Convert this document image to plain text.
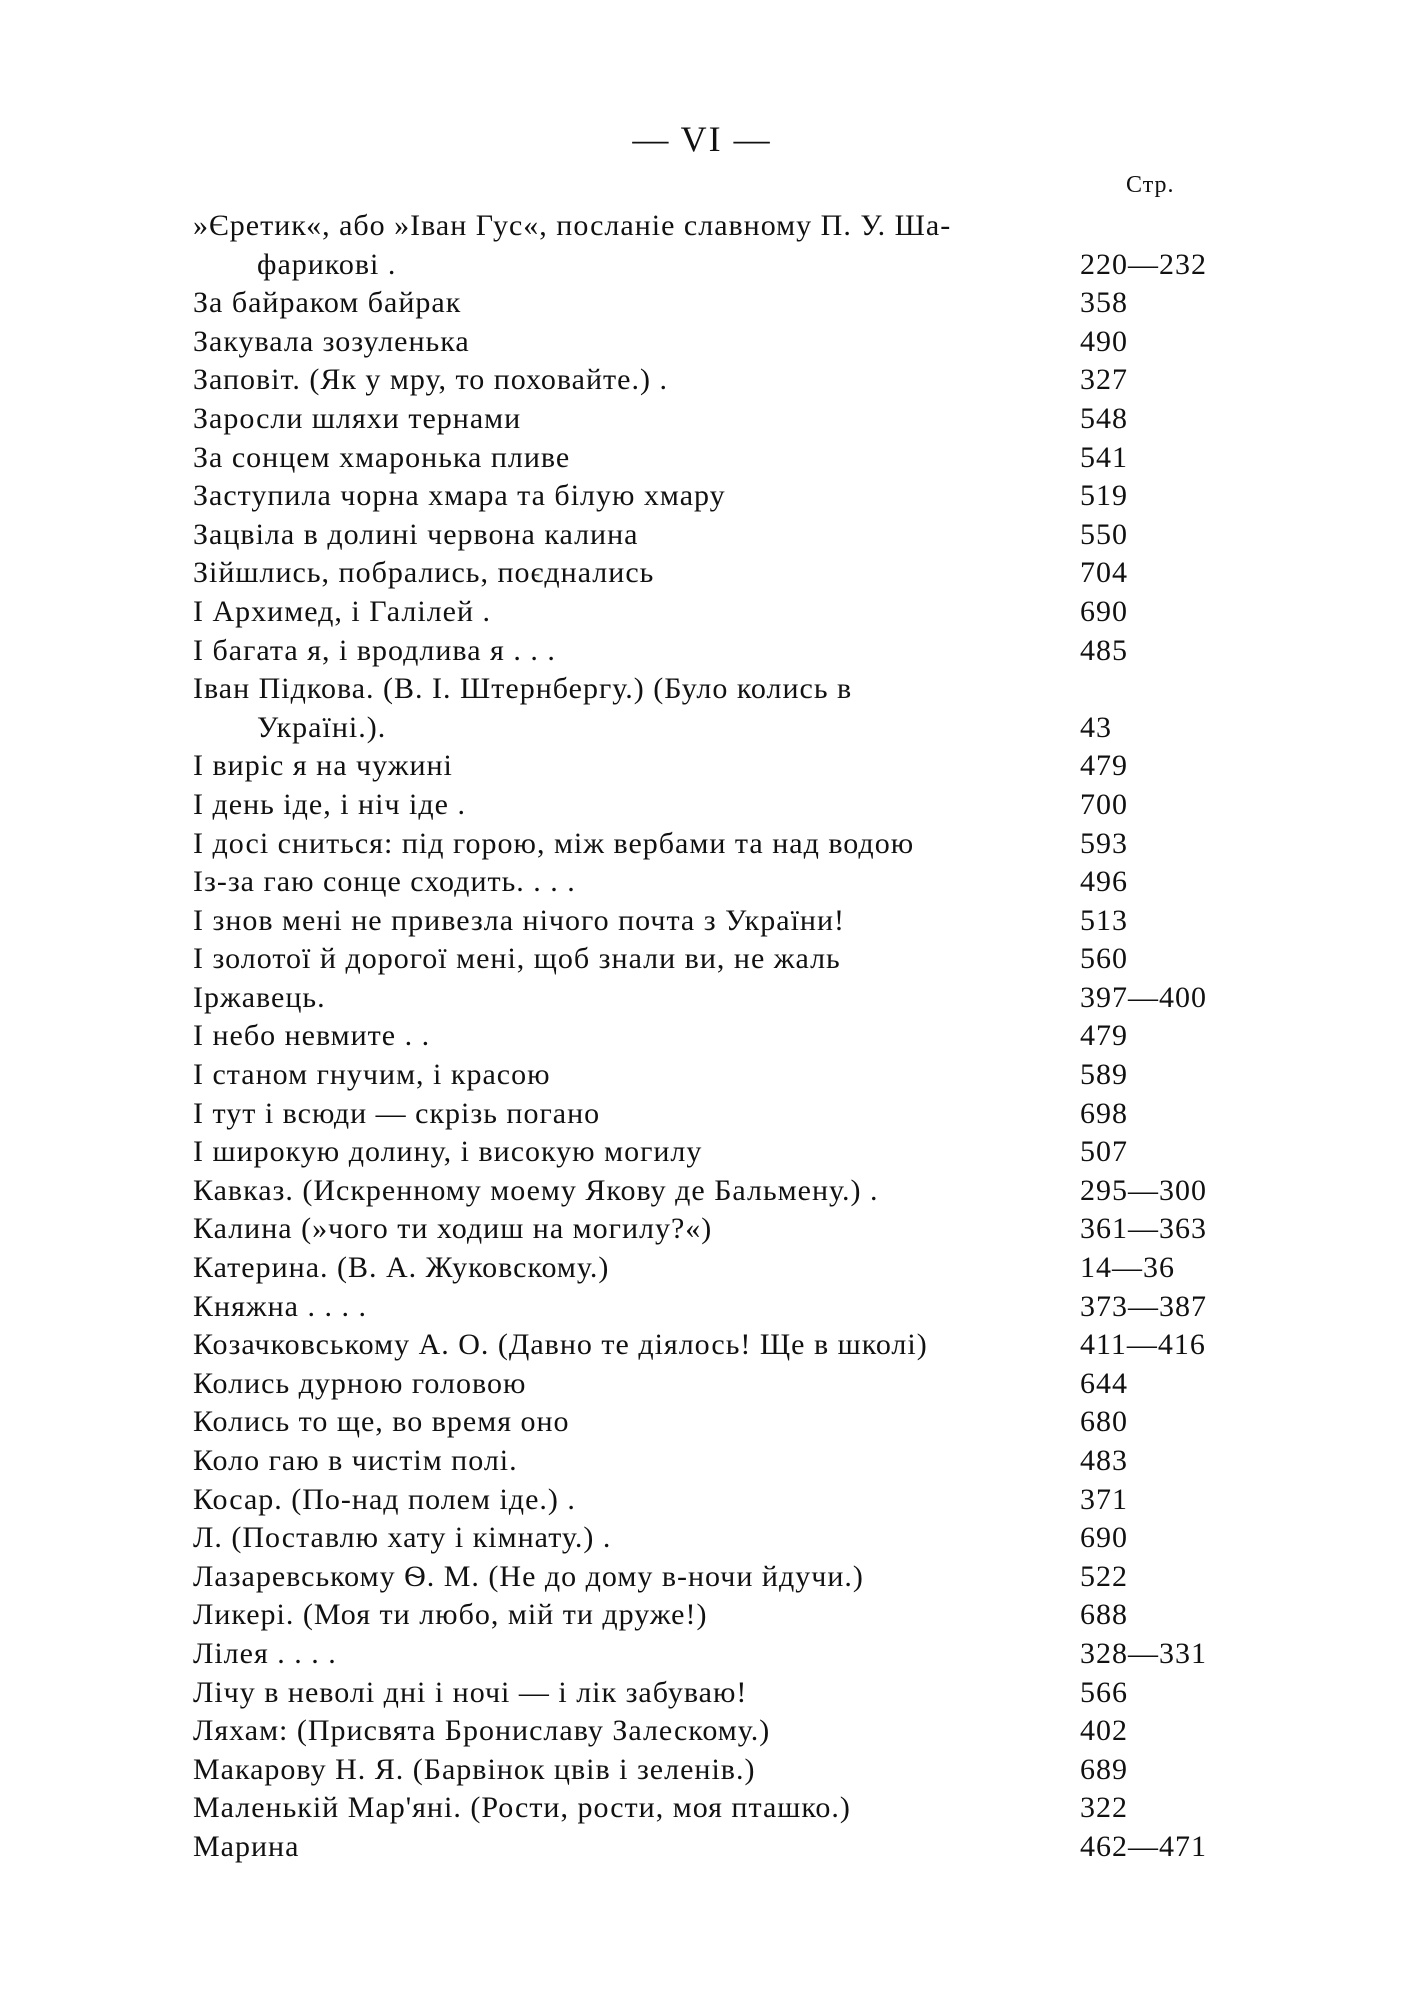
— VI —
Стр.
»Єретик«, або »Іван Гус«, посланіе славному П. У. Ша-
фарикові .	220—232
За байраком байрак	358
Закувала зозуленька	490
Заповіт. (Як у мру, то поховайте.) .	327
Заросли шляхи тернами	548
За сонцем хмаронька пливе	541
Заступила чорна хмара та білую хмару	519
Зацвіла в долині червона калина	550
Зійшлись, побрались, поєднались	704
І Архимед, і Галілей .	690
І багата я, і вродлива я . . .	485
Іван Підкова. (В. І. Штернбергу.) (Було колись в
Україні.).	43
І виріс я на чужині	479
І день іде, і ніч іде .	700
І досі сниться: під горою, між вербами та над водою	593
Із-за гаю сонце сходить. . . .	496
І знов мені не привезла нічого почта з України!	513
І золотої й дорогої мені, щоб знали ви, не жаль	560
Іржавець.	397—400
І небо невмите . .	479
І станом гнучим, і красою	589
І тут і всюди — скрізь погано	698
І широкую долину, і високую могилу	507
Кавказ. (Искренному моему Якову де Бальмену.) .	295—300
Калина (»чого ти ходиш на могилу?«)	361—363
Катерина. (В. А. Жуковскому.)	14—36
Княжна . . . .	373—387
Козачковському А. О. (Давно те діялось! Ще в школі)	411—416
Колись дурною головою	644
Колись то ще, во время оно	680
Коло гаю в чистім полі.	483
Косар. (По-над полем іде.) .	371
Л. (Поставлю хату і кімнату.) .	690
Лазаревському Ѳ. М. (Не до дому в-ночи йдучи.)	522
Ликері. (Моя ти любо, мій ти друже!)	688
Лілея . . . .	328—331
Лічу в неволі дні і ночі — і лік забуваю!	566
Ляхам: (Присвята Брониславу Залескому.)	402
Макарову Н. Я. (Барвінок цвів і зеленів.)	689
Маленькій Мар'яні. (Рости, рости, моя пташко.)	322
Марина	462—471
